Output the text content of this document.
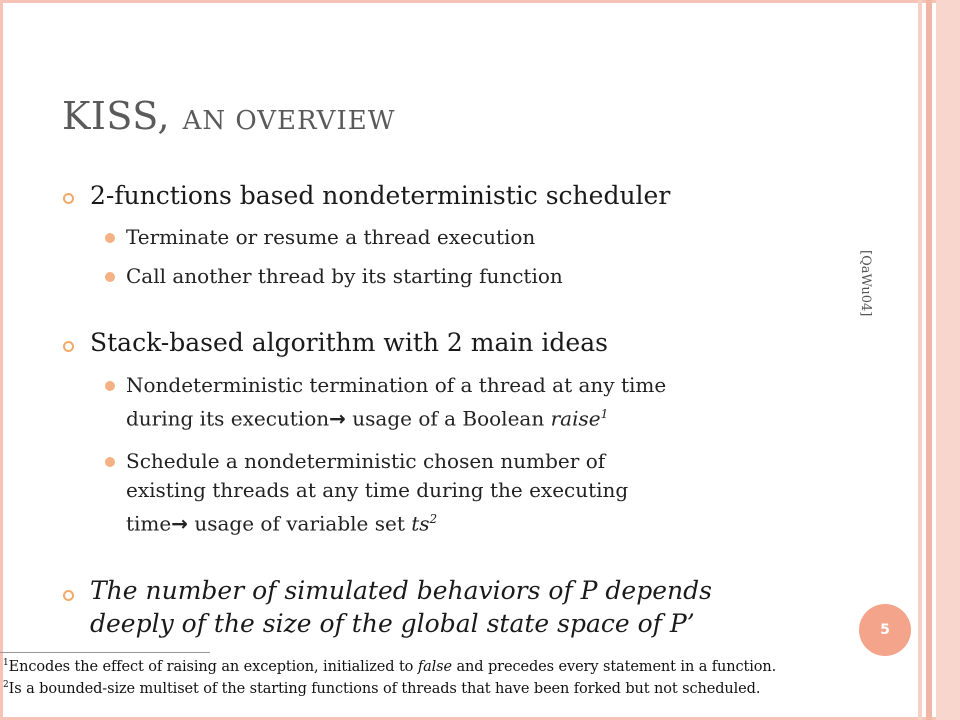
KISS, AN OVERVIEW
2-functions based nondeterministic scheduler
Terminate or resume a thread execution
Call another thread by its starting function
Stack-based algorithm with 2 main ideas
Nondeterministic termination of a thread at any time
during its execution→ usage of a Boolean raise$^1$
Schedule a nondeterministic chosen number of
existing threads at any time during the executing
time→ usage of variable set $ts^2$
The number of simulated behaviors of P depends
deeply of the size of the global state space of P’
[QaWu04]
5
$^1$Encodes the effect of raising an exception, initialized to false and precedes every statement in a function.
$^2$Is a bounded-size multiset of the starting functions of threads that have been forked but not scheduled.
